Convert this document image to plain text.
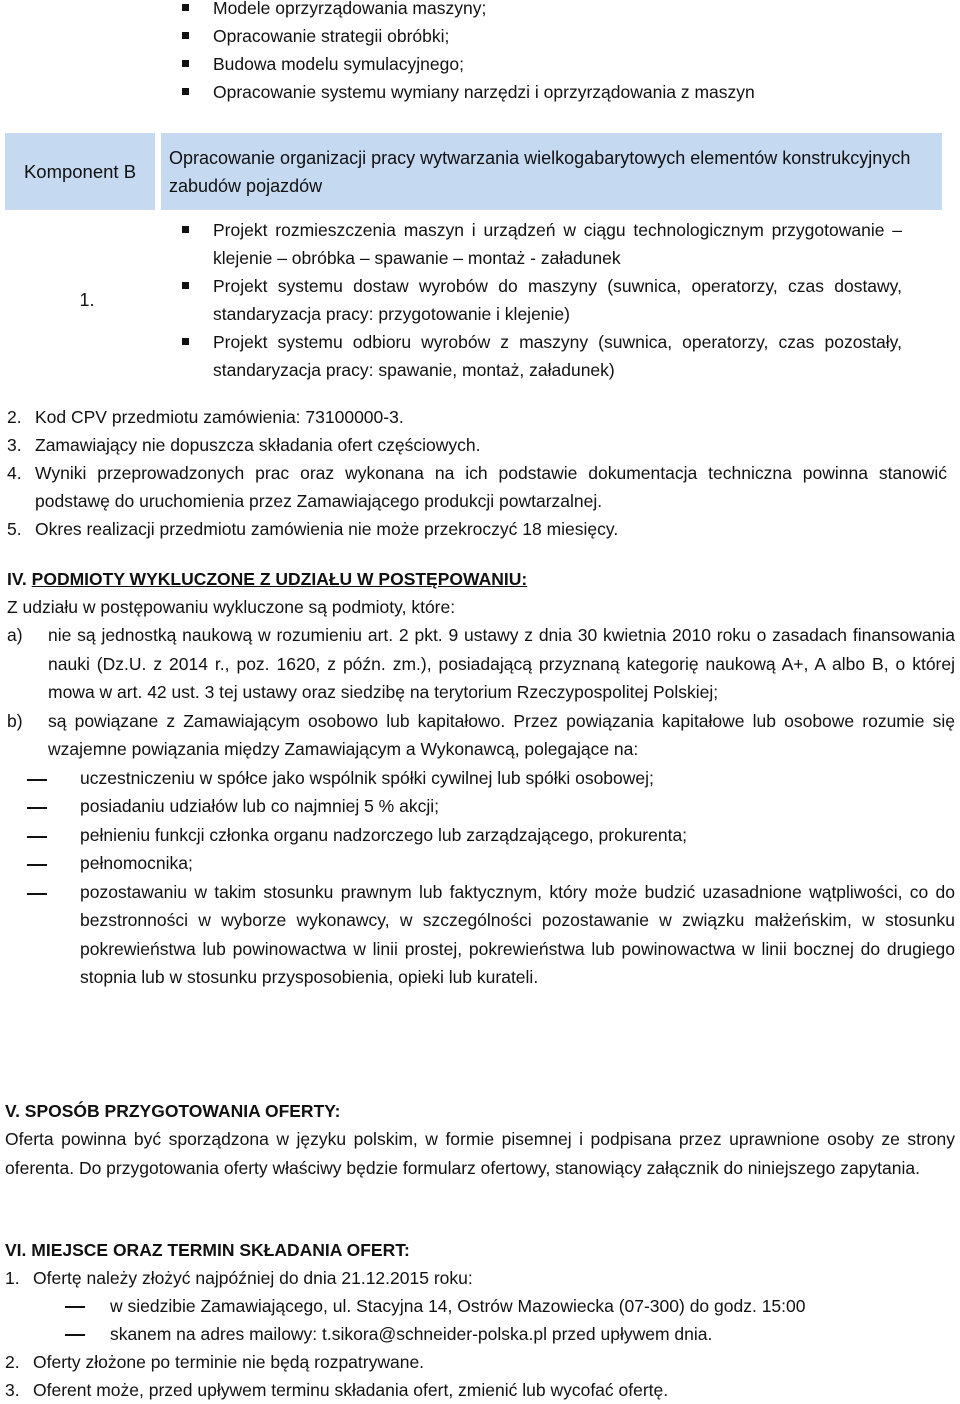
Modele oprzyrządowania maszyny;
Opracowanie strategii obróbki;
Budowa modelu symulacyjnego;
Opracowanie systemu wymiany narzędzi i oprzyrządowania z maszyn
Komponent B
Opracowanie organizacji pracy wytwarzania wielkogabarytowych elementów konstrukcyjnych zabudów pojazdów
1.
Projekt rozmieszczenia maszyn i urządzeń w ciągu technologicznym przygotowanie – klejenie – obróbka – spawanie – montaż - załadunek
Projekt systemu dostaw wyrobów do maszyny (suwnica, operatorzy, czas dostawy, standaryzacja pracy: przygotowanie i klejenie)
Projekt systemu odbioru wyrobów z maszyny (suwnica, operatorzy, czas pozostały, standaryzacja pracy: spawanie, montaż, załadunek)
2. Kod CPV przedmiotu zamówienia: 73100000-3.
3. Zamawiający nie dopuszcza składania ofert częściowych.
4. Wyniki przeprowadzonych prac oraz wykonana na ich podstawie dokumentacja techniczna powinna stanowić podstawę do uruchomienia przez Zamawiającego produkcji powtarzalnej.
5. Okres realizacji przedmiotu zamówienia nie może przekroczyć 18 miesięcy.
IV. PODMIOTY WYKLUCZONE Z UDZIAŁU W POSTĘPOWANIU:
Z udziału w postępowaniu wykluczone są podmioty, które:
a)	nie są jednostką naukową w rozumieniu art. 2 pkt. 9 ustawy z dnia 30 kwietnia 2010 roku o zasadach finansowania nauki (Dz.U. z 2014 r., poz. 1620, z późn. zm.), posiadającą przyznaną kategorię naukową A+, A albo B, o której mowa w art. 42 ust. 3 tej ustawy oraz siedzibę na terytorium Rzeczypospolitej Polskiej;
b)	są powiązane z Zamawiającym osobowo lub kapitałowo. Przez powiązania kapitałowe lub osobowe rozumie się wzajemne powiązania między Zamawiającym a Wykonawcą, polegające na:
uczestniczeniu w spółce jako wspólnik spółki cywilnej lub spółki osobowej;
posiadaniu udziałów lub co najmniej 5 % akcji;
pełnieniu funkcji członka organu nadzorczego lub zarządzającego, prokurenta;
pełnomocnika;
pozostawaniu w takim stosunku prawnym lub faktycznym, który może budzić uzasadnione wątpliwości, co do bezstronności w wyborze wykonawcy, w szczególności pozostawanie w związku małżeńskim, w stosunku pokrewieństwa lub powinowactwa w linii prostej, pokrewieństwa lub powinowactwa w linii bocznej do drugiego stopnia lub w stosunku przysposobienia, opieki lub kurateli.
V. SPOSÓB PRZYGOTOWANIA OFERTY:
Oferta powinna być sporządzona w języku polskim, w formie pisemnej i podpisana przez uprawnione osoby ze strony oferenta. Do przygotowania oferty właściwy będzie formularz ofertowy, stanowiący załącznik do niniejszego zapytania.
VI. MIEJSCE ORAZ TERMIN SKŁADANIA OFERT:
1. Ofertę należy złożyć najpóźniej do dnia 21.12.2015 roku:
w siedzibie Zamawiającego, ul. Stacyjna 14, Ostrów Mazowiecka (07-300) do godz. 15:00
skanem na adres mailowy: t.sikora@schneider-polska.pl przed upływem dnia.
2. Oferty złożone po terminie nie będą rozpatrywane.
3. Oferent może, przed upływem terminu składania ofert, zmienić lub wycofać ofertę.
